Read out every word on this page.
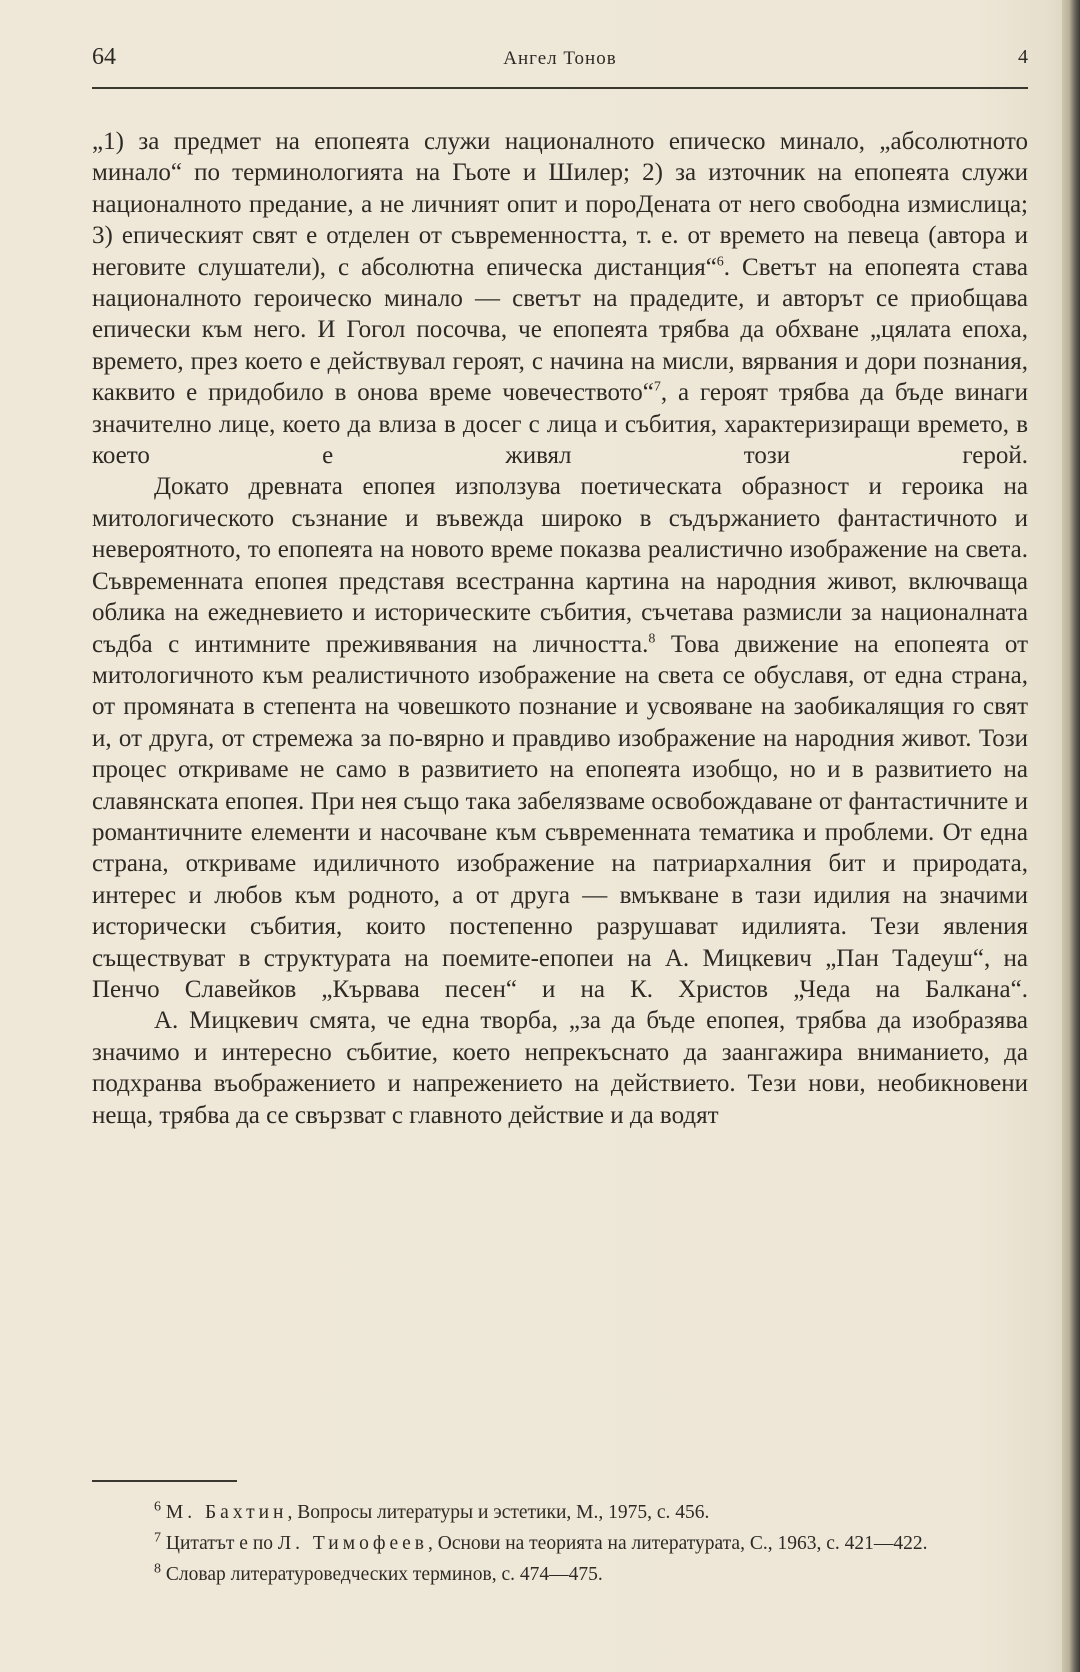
64	Ангел Тонов	4

„1) за предмет на епопеята служи националното епическо минало, „абсолютното минало“ по терминологията на Гьоте и Шилер; 2) за източник на епопеята служи националното предание, а не личният опит и пороДената от него свободна измислица; 3) епическият свят е отделен от съвременността, т. е. от времето на певеца (автора и неговите слушатели), с абсолютна епическа дистанция“$^6$. Светът на епопеята става националното героическо минало — светът на прадедите, и авторът се приобщава епически към него. И Гогол посочва, че епопеята трябва да обхване „цялата епоха, времето, през което е действувал героят, с начина на мисли, вярвания и дори познания, каквито е придобило в онова време човечеството“$^7$, а героят трябва да бъде винаги значително лице, което да влиза в досег с лица и събития, характеризиращи времето, в което е живял този герой.

Докато древната епопея използува поетическата образност и героика на митологическото съзнание и въвежда широко в съдържанието фантастичното и невероятното, то епопеята на новото време показва реалистично изображение на света. Съвременната епопея представя всестранна картина на народния живот, включваща облика на ежедневието и историческите събития, съчетава размисли за националната съдба с интимните преживявания на личността.$^8$ Това движение на епопеята от митологичното към реалистичното изображение на света се обуславя, от една страна, от промяната в степента на човешкото познание и усвояване на заобикалящия го свят и, от друга, от стремежа за по-вярно и правдиво изображение на народния живот. Този процес откриваме не само в развитието на епопеята изобщо, но и в развитието на славянската епопея. При нея също така забелязваме освобождаване от фантастичните и романтичните елементи и насочване към съвременната тематика и проблеми. От една страна, откриваме идиличното изображение на патриархалния бит и природата, интерес и любов към родното, а от друга — вмъкване в тази идилия на значими исторически събития, които постепенно разрушават идилията. Тези явления съществуват в структурата на поемите-епопеи на А. Мицкевич „Пан Тадеуш“, на Пенчо Славейков „Кървава песен“ и на К. Христов „Чеда на Балкана“.

А. Мицкевич смята, че една творба, „за да бъде епопея, трябва да изобразява значимо и интересно събитие, което непрекъснато да заангажира вниманието, да подхранва въображението и напрежението на действието. Тези нови, необикновени неща, трябва да се свързват с главното действие и да водят

$^6$ М. Бахтин, Вопросы литературы и эстетики, М., 1975, с. 456.

$^7$ Цитатът е по Л. Тимофеев, Основи на теорията на литературата, С., 1963, с. 421—422.

$^8$ Словар литературоведческих терминов, с. 474—475.
